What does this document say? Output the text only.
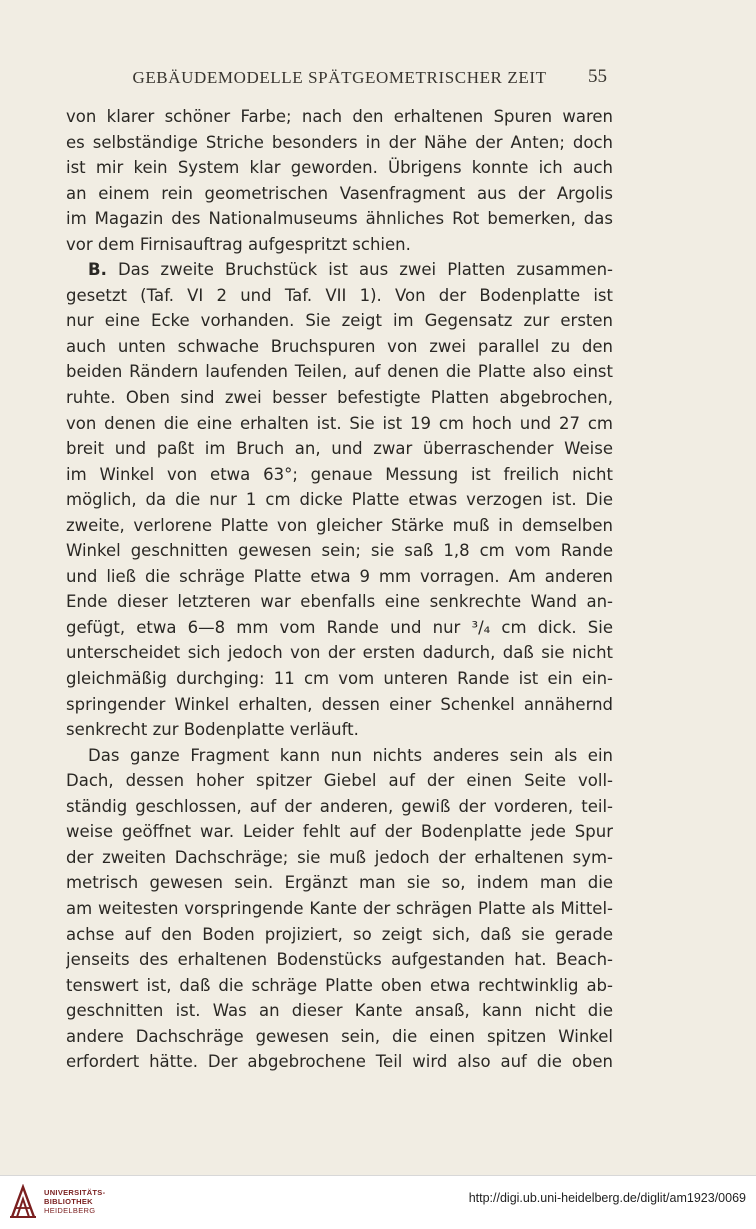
GEBÄUDEMODELLE SPÄTGEOMETRISCHER ZEIT	55
von klarer schöner Farbe; nach den erhaltenen Spuren waren
es selbständige Striche besonders in der Nähe der Anten; doch
ist mir kein System klar geworden. Übrigens konnte ich auch
an einem rein geometrischen Vasenfragment aus der Argolis
im Magazin des Nationalmuseums ähnliches Rot bemerken, das
vor dem Firnisauftrag aufgespritzt schien.
B. Das zweite Bruchstück ist aus zwei Platten zusammen-
gesetzt (Taf. VI 2 und Taf. VII 1). Von der Bodenplatte ist
nur eine Ecke vorhanden. Sie zeigt im Gegensatz zur ersten
auch unten schwache Bruchspuren von zwei parallel zu den
beiden Rändern laufenden Teilen, auf denen die Platte also einst
ruhte. Oben sind zwei besser befestigte Platten abgebrochen,
von denen die eine erhalten ist. Sie ist 19 cm hoch und 27 cm
breit und paßt im Bruch an, und zwar überraschender Weise
im Winkel von etwa 63°; genaue Messung ist freilich nicht
möglich, da die nur 1 cm dicke Platte etwas verzogen ist. Die
zweite, verlorene Platte von gleicher Stärke muß in demselben
Winkel geschnitten gewesen sein; sie saß 1,8 cm vom Rande
und ließ die schräge Platte etwa 9 mm vorragen. Am anderen
Ende dieser letzteren war ebenfalls eine senkrechte Wand an-
gefügt, etwa 6—8 mm vom Rande und nur ³/₄ cm dick. Sie
unterscheidet sich jedoch von der ersten dadurch, daß sie nicht
gleichmäßig durchging: 11 cm vom unteren Rande ist ein ein-
springender Winkel erhalten, dessen einer Schenkel annähernd
senkrecht zur Bodenplatte verläuft.
Das ganze Fragment kann nun nichts anderes sein als ein
Dach, dessen hoher spitzer Giebel auf der einen Seite voll-
ständig geschlossen, auf der anderen, gewiß der vorderen, teil-
weise geöffnet war. Leider fehlt auf der Bodenplatte jede Spur
der zweiten Dachschräge; sie muß jedoch der erhaltenen sym-
metrisch gewesen sein. Ergänzt man sie so, indem man die
am weitesten vorspringende Kante der schrägen Platte als Mittel-
achse auf den Boden projiziert, so zeigt sich, daß sie gerade
jenseits des erhaltenen Bodenstücks aufgestanden hat. Beach-
tenswert ist, daß die schräge Platte oben etwa rechtwinklig ab-
geschnitten ist. Was an dieser Kante ansaß, kann nicht die
andere Dachschräge gewesen sein, die einen spitzen Winkel
erfordert hätte. Der abgebrochene Teil wird also auf die oben
UNIVERSITÄTS-
BIBLIOTHEK
HEIDELBERG
http://digi.ub.uni-heidelberg.de/diglit/am1923/0069
